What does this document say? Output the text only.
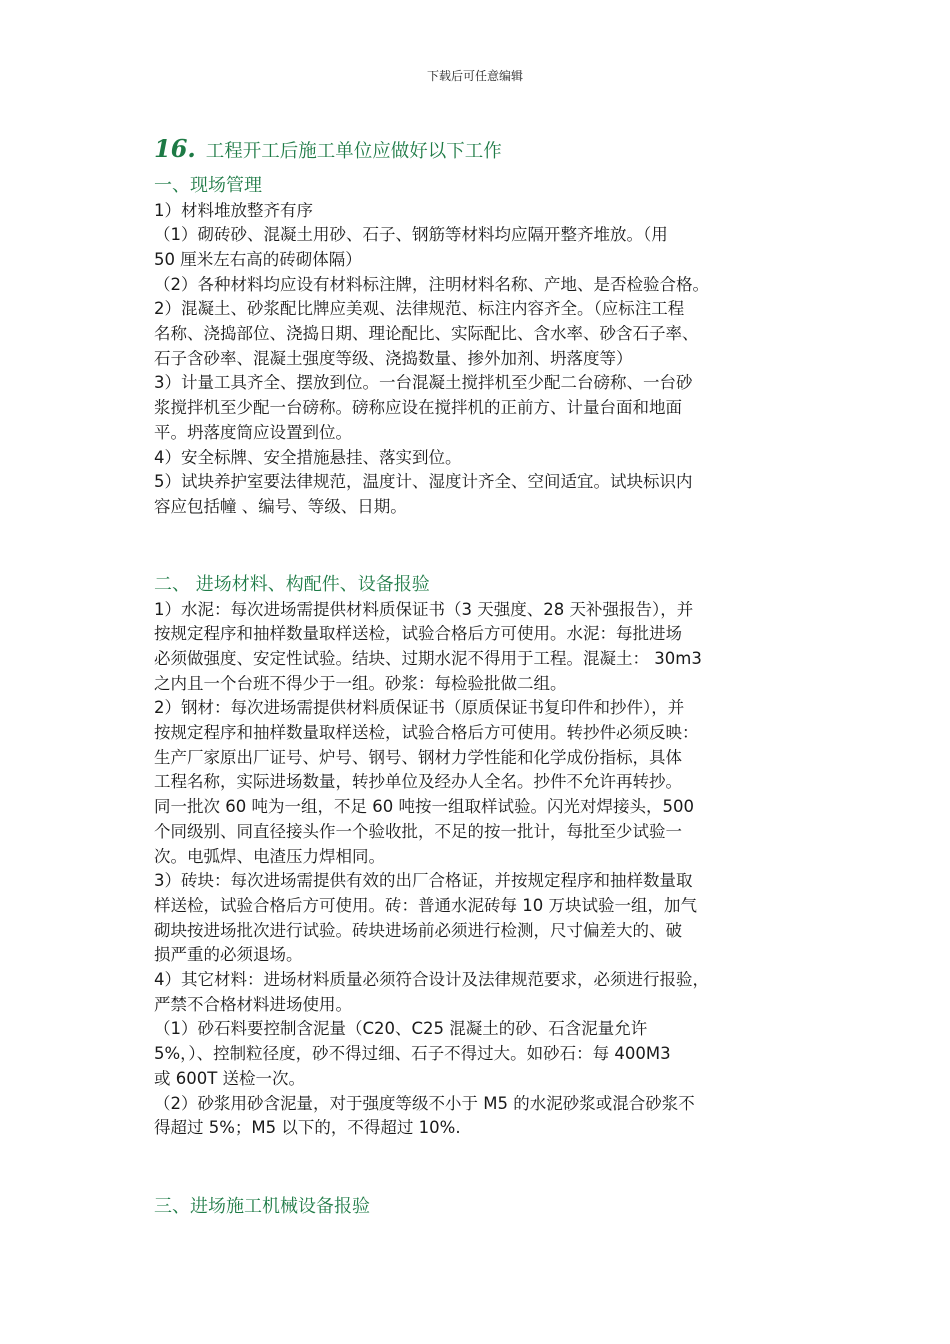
下载后可任意编辑
16. 工程开工后施工单位应做好以下工作
一、现场管理

1）材料堆放整齐有序

（1）砌砖砂、混凝土用砂、石子、钢筋等材料均应隔开整齐堆放。（用
50 厘米左右高的砖砌体隔）

（2）各种材料均应设有材料标注牌，注明材料名称、产地、是否检验合格。

2）混凝土、砂浆配比牌应美观、法律规范、标注内容齐全。（应标注工程
名称、浇捣部位、浇捣日期、理论配比、实际配比、含水率、砂含石子率、
石子含砂率、混凝土强度等级、浇捣数量、掺外加剂、坍落度等）

3）计量工具齐全、摆放到位。一台混凝土搅拌机至少配二台磅称、一台砂
浆搅拌机至少配一台磅称。磅称应设在搅拌机的正前方、计量台面和地面
平。坍落度筒应设置到位。

4）安全标牌、安全措施悬挂、落实到位。

5）试块养护室要法律规范，温度计、湿度计齐全、空间适宜。试块标识内
容应包括幢 、编号、等级、日期。

二、 进场材料、构配件、设备报验

1）水泥：每次进场需提供材料质保证书（3 天强度、28 天补强报告），并
按规定程序和抽样数量取样送检，试验合格后方可使用。水泥：每批进场
必须做强度、安定性试验。结块、过期水泥不得用于工程。混凝土： 30m3
之内且一个台班不得少于一组。砂浆：每检验批做二组。

2）钢材：每次进场需提供材料质保证书（原质保证书复印件和抄件），并
按规定程序和抽样数量取样送检，试验合格后方可使用。转抄件必须反映：
生产厂家原出厂证号、炉号、钢号、钢材力学性能和化学成份指标，具体
工程名称，实际进场数量，转抄单位及经办人全名。抄件不允许再转抄。
同一批次 60 吨为一组，不足 60 吨按一组取样试验。闪光对焊接头，500
个同级别、同直径接头作一个验收批，不足的按一批计，每批至少试验一
次。电弧焊、电渣压力焊相同。

3）砖块：每次进场需提供有效的出厂合格证，并按规定程序和抽样数量取
样送检，试验合格后方可使用。砖：普通水泥砖每 10 万块试验一组，加气
砌块按进场批次进行试验。砖块进场前必须进行检测，尺寸偏差大的、破
损严重的必须退场。

4）其它材料：进场材料质量必须符合设计及法律规范要求，必须进行报验，
严禁不合格材料进场使用。

（1）砂石料要控制含泥量（C20、C25 混凝土的砂、石含泥量允许
5%，）、控制粒径度，砂不得过细、石子不得过大。如砂石：每 400M3
或 600T 送检一次。

（2）砂浆用砂含泥量，对于强度等级不小于 M5 的水泥砂浆或混合砂浆不
得超过 5%；M5 以下的，不得超过 10%.

三、进场施工机械设备报验
